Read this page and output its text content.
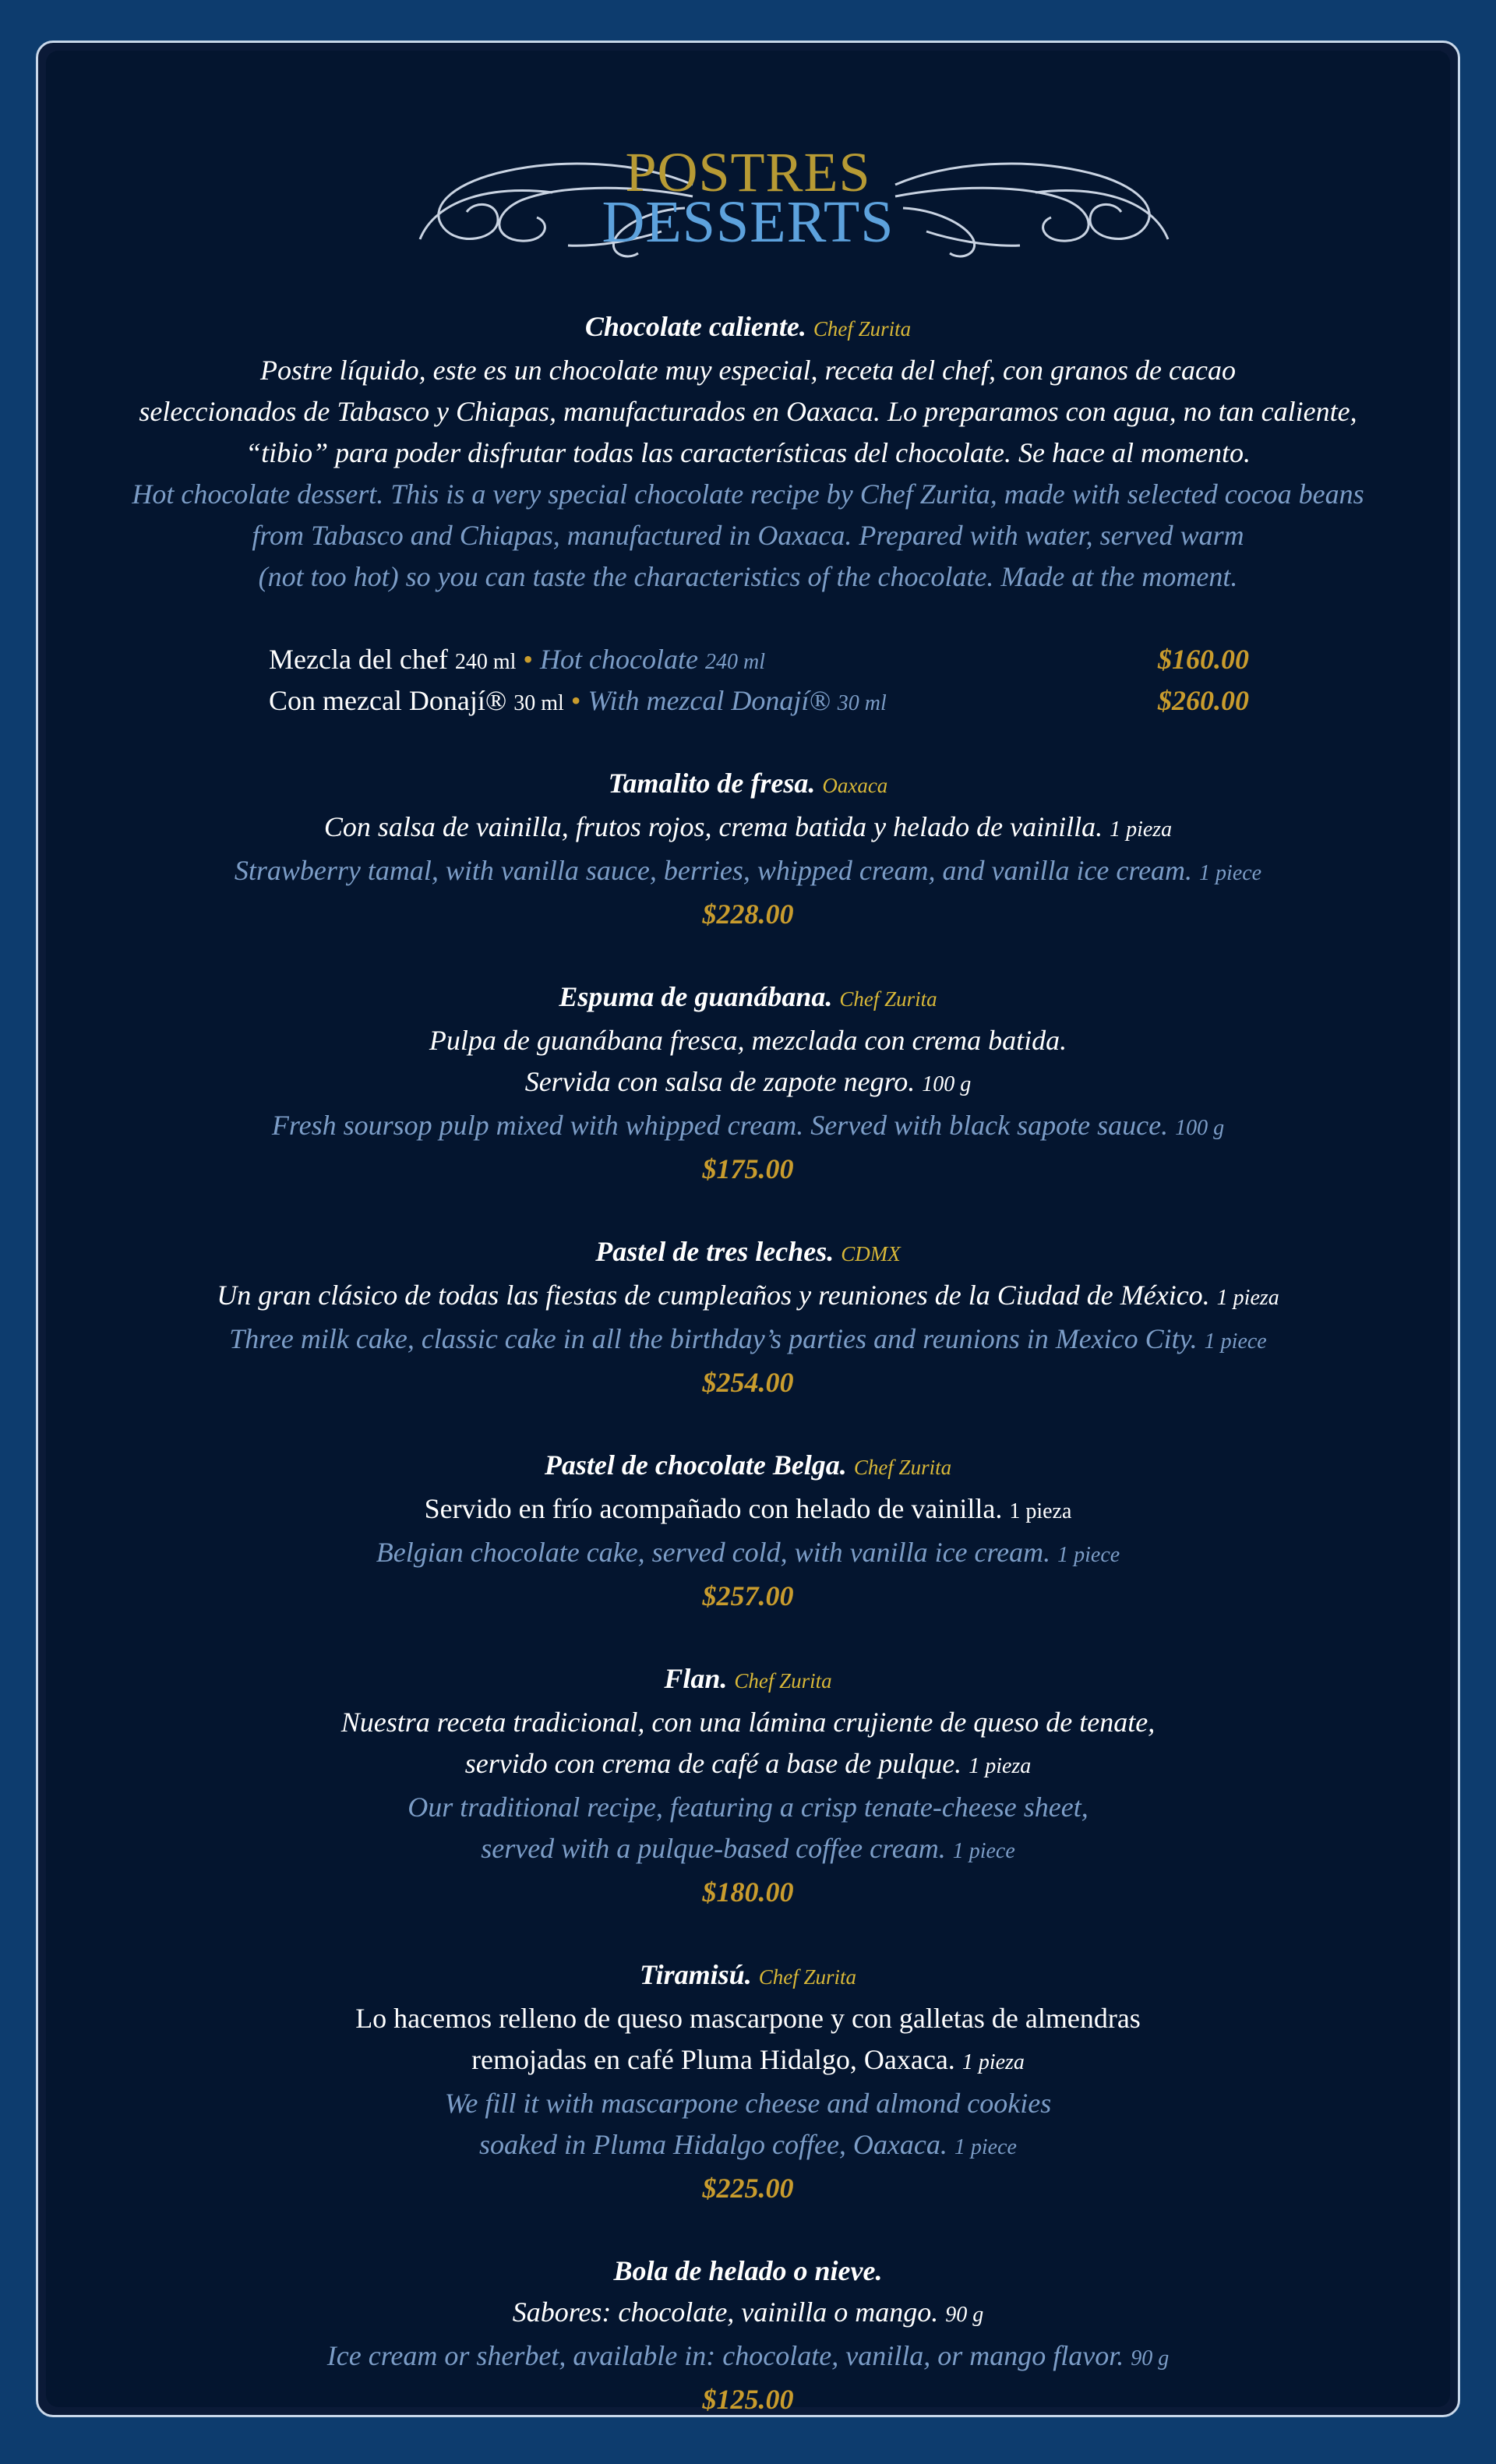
POSTRES
DESSERTS

Chocolate caliente. Chef Zurita

Postre líquido, este es un chocolate muy especial, receta del chef, con granos de cacao

seleccionados de Tabasco y Chiapas, manufacturados en Oaxaca. Lo preparamos con agua, no tan caliente,

“tibio” para poder disfrutar todas las características del chocolate. Se hace al momento.

Hot chocolate dessert. This is a very special chocolate recipe by Chef Zurita, made with selected cocoa beans

from Tabasco and Chiapas, manufactured in Oaxaca. Prepared with water, served warm

(not too hot) so you can taste the characteristics of the chocolate. Made at the moment.

Mezcla del chef 240 ml • Hot chocolate 240 ml	$160.00
Con mezcal Donají® 30 ml • With mezcal Donají® 30 ml	$260.00

Tamalito de fresa. Oaxaca

Con salsa de vainilla, frutos rojos, crema batida y helado de vainilla. 1 pieza

Strawberry tamal, with vanilla sauce, berries, whipped cream, and vanilla ice cream. 1 piece

$228.00

Espuma de guanábana. Chef Zurita

Pulpa de guanábana fresca, mezclada con crema batida.

Servida con salsa de zapote negro. 100 g

Fresh soursop pulp mixed with whipped cream. Served with black sapote sauce. 100 g

$175.00

Pastel de tres leches. CDMX

Un gran clásico de todas las fiestas de cumpleaños y reuniones de la Ciudad de México. 1 pieza

Three milk cake, classic cake in all the birthday’s parties and reunions in Mexico City. 1 piece

$254.00

Pastel de chocolate Belga. Chef Zurita

Servido en frío acompañado con helado de vainilla. 1 pieza

Belgian chocolate cake, served cold, with vanilla ice cream. 1 piece

$257.00

Flan. Chef Zurita

Nuestra receta tradicional, con una lámina crujiente de queso de tenate,

servido con crema de café a base de pulque. 1 pieza

Our traditional recipe, featuring a crisp tenate-cheese sheet,

served with a pulque-based coffee cream. 1 piece

$180.00

Tiramisú. Chef Zurita

Lo hacemos relleno de queso mascarpone y con galletas de almendras

remojadas en café Pluma Hidalgo, Oaxaca. 1 pieza

We fill it with mascarpone cheese and almond cookies

soaked in Pluma Hidalgo coffee, Oaxaca. 1 piece

$225.00

Bola de helado o nieve.

Sabores: chocolate, vainilla o mango. 90 g

Ice cream or sherbet, available in: chocolate, vanilla, or mango flavor. 90 g

$125.00
